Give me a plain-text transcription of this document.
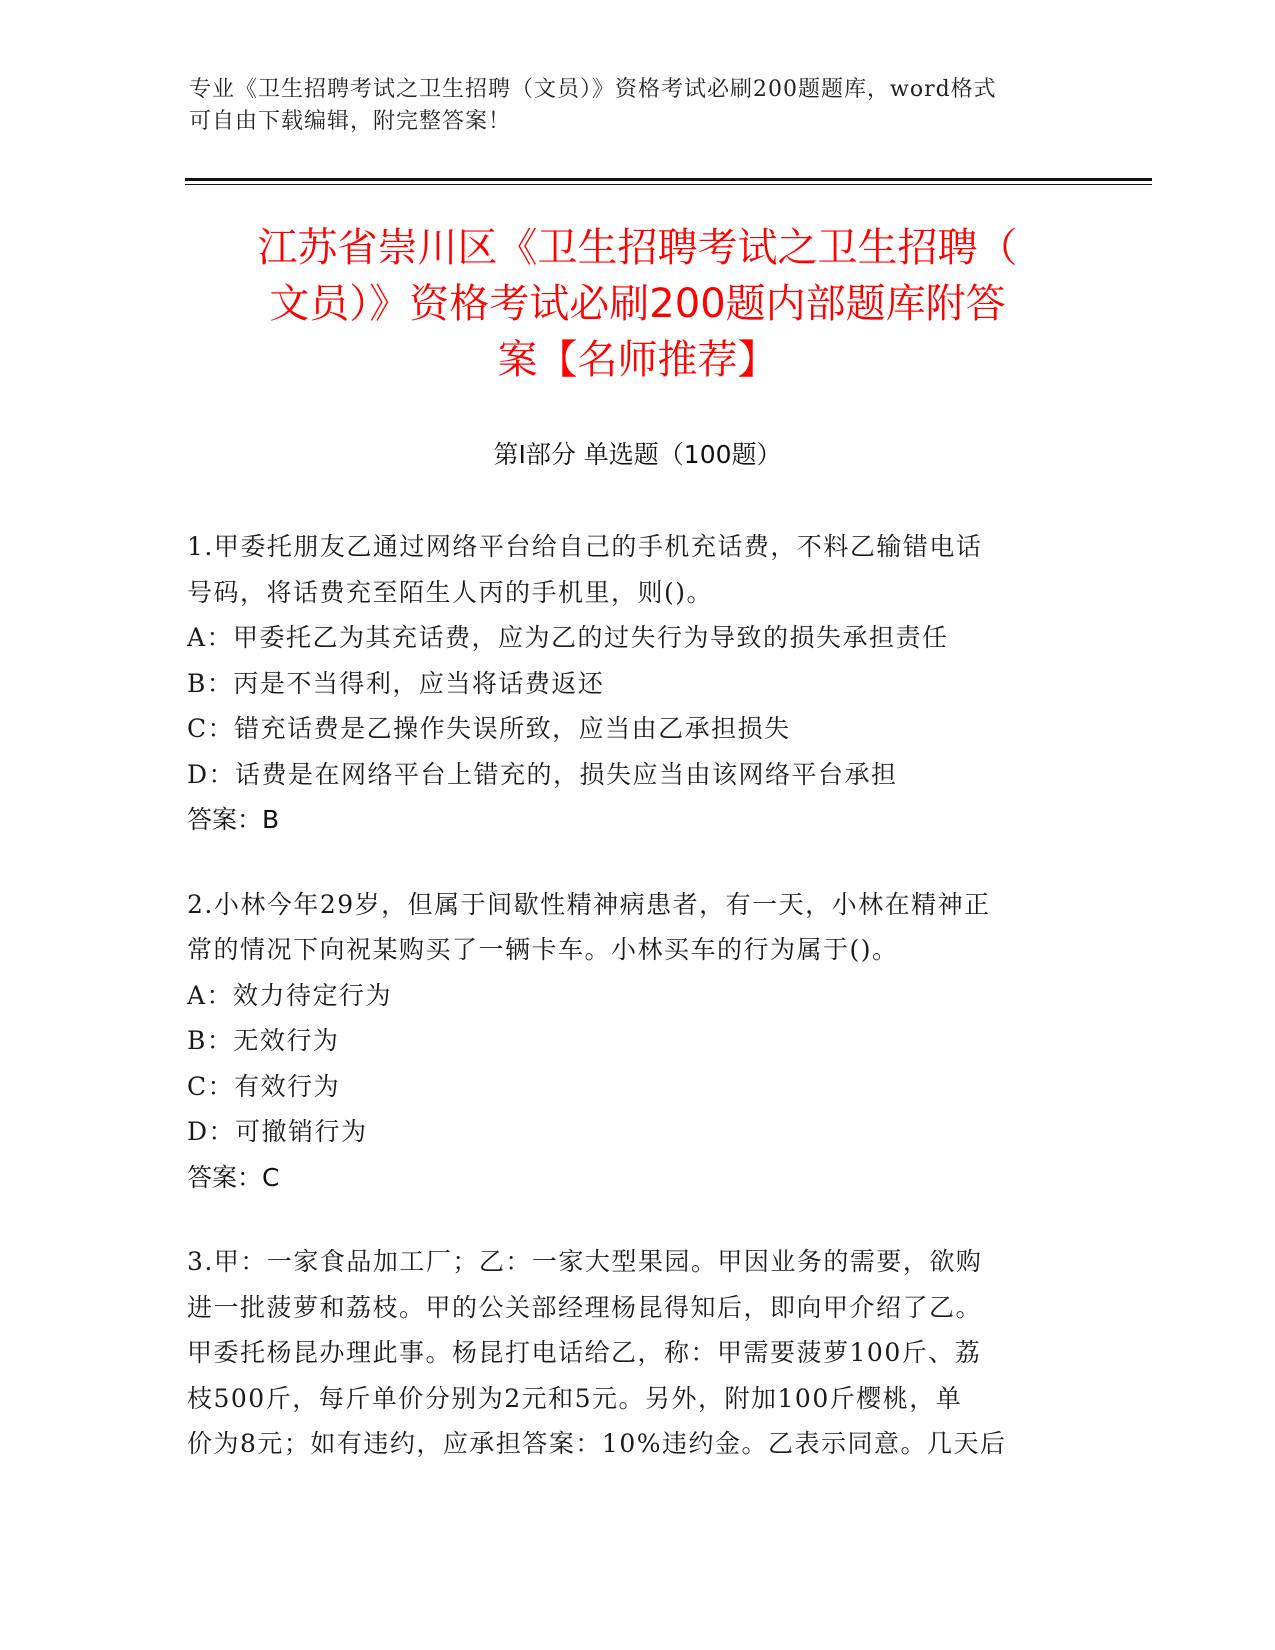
专业《卫生招聘考试之卫生招聘（文员）》资格考试必刷200题题库，word格式
可自由下载编辑，附完整答案！
江苏省崇川区《卫生招聘考试之卫生招聘（
文员）》资格考试必刷200题内部题库附答
案【名师推荐】
第I部分 单选题（100题）
1.甲委托朋友乙通过网络平台给自己的手机充话费，不料乙输错电话
号码，将话费充至陌生人丙的手机里，则()。
A：甲委托乙为其充话费，应为乙的过失行为导致的损失承担责任
B：丙是不当得利，应当将话费返还
C：错充话费是乙操作失误所致，应当由乙承担损失
D：话费是在网络平台上错充的，损失应当由该网络平台承担
答案：B
2.小林今年29岁，但属于间歇性精神病患者，有一天，小林在精神正
常的情况下向祝某购买了一辆卡车。小林买车的行为属于()。
A：效力待定行为
B：无效行为
C：有效行为
D：可撤销行为
答案：C
3.甲：一家食品加工厂；乙：一家大型果园。甲因业务的需要，欲购
进一批菠萝和荔枝。甲的公关部经理杨昆得知后，即向甲介绍了乙。
甲委托杨昆办理此事。杨昆打电话给乙，称：甲需要菠萝100斤、荔
枝500斤，每斤单价分别为2元和5元。另外，附加100斤樱桃，单
价为8元；如有违约，应承担答案：10%违约金。乙表示同意。几天后
